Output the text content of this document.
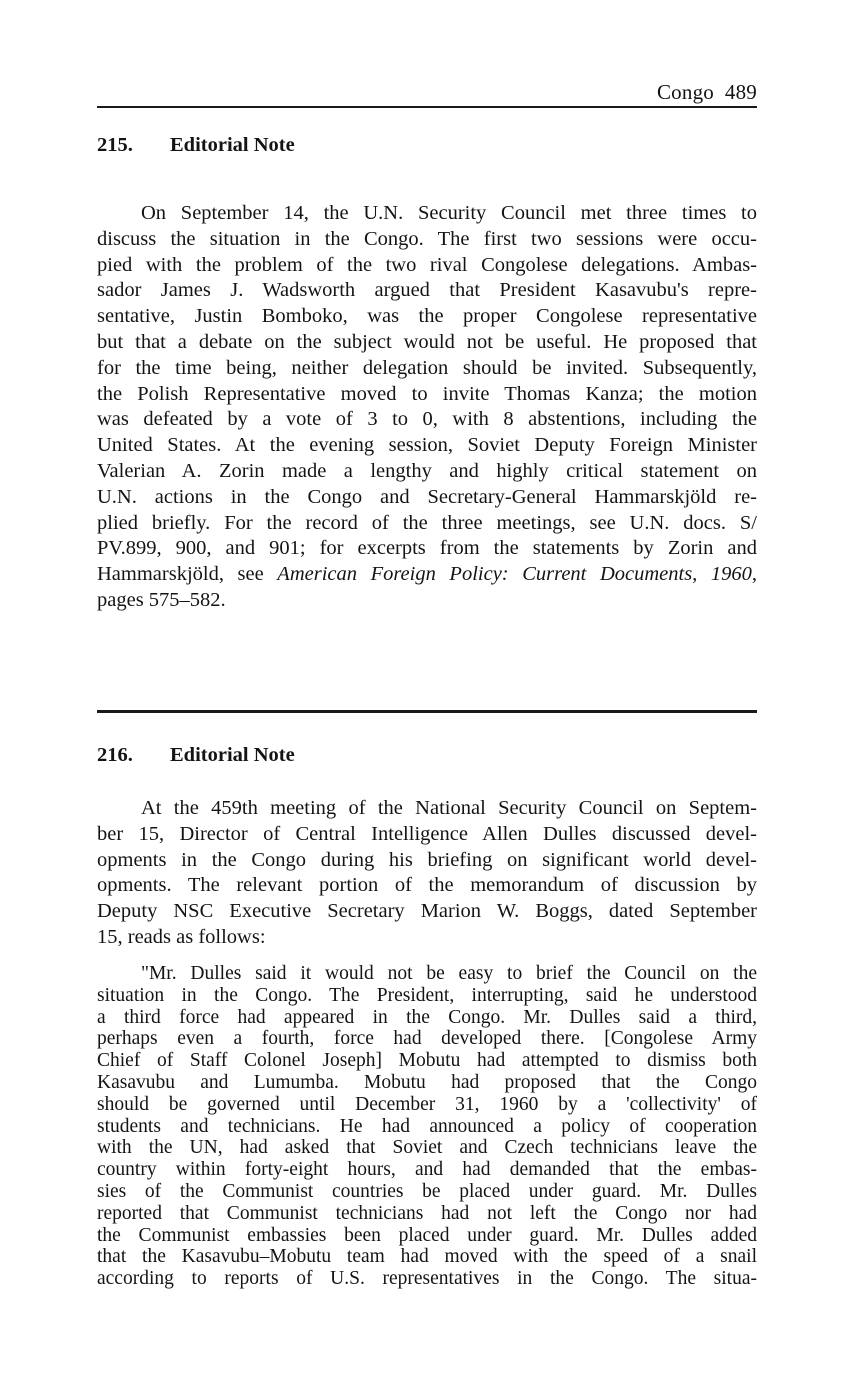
Congo 489
215. Editorial Note
On September 14, the U.N. Security Council met three times to
discuss the situation in the Congo. The first two sessions were occu-
pied with the problem of the two rival Congolese delegations. Ambas-
sador James J. Wadsworth argued that President Kasavubu's repre-
sentative, Justin Bomboko, was the proper Congolese representative
but that a debate on the subject would not be useful. He proposed that
for the time being, neither delegation should be invited. Subsequently,
the Polish Representative moved to invite Thomas Kanza; the motion
was defeated by a vote of 3 to 0, with 8 abstentions, including the
United States. At the evening session, Soviet Deputy Foreign Minister
Valerian A. Zorin made a lengthy and highly critical statement on
U.N. actions in the Congo and Secretary-General Hammarskjöld re-
plied briefly. For the record of the three meetings, see U.N. docs. S/
PV.899, 900, and 901; for excerpts from the statements by Zorin and
Hammarskjöld, see American Foreign Policy: Current Documents, 1960,
pages 575–582.
216. Editorial Note
At the 459th meeting of the National Security Council on Septem-
ber 15, Director of Central Intelligence Allen Dulles discussed devel-
opments in the Congo during his briefing on significant world devel-
opments. The relevant portion of the memorandum of discussion by
Deputy NSC Executive Secretary Marion W. Boggs, dated September
15, reads as follows:
"Mr. Dulles said it would not be easy to brief the Council on the
situation in the Congo. The President, interrupting, said he understood
a third force had appeared in the Congo. Mr. Dulles said a third,
perhaps even a fourth, force had developed there. [Congolese Army
Chief of Staff Colonel Joseph] Mobutu had attempted to dismiss both
Kasavubu and Lumumba. Mobutu had proposed that the Congo
should be governed until December 31, 1960 by a 'collectivity' of
students and technicians. He had announced a policy of cooperation
with the UN, had asked that Soviet and Czech technicians leave the
country within forty-eight hours, and had demanded that the embas-
sies of the Communist countries be placed under guard. Mr. Dulles
reported that Communist technicians had not left the Congo nor had
the Communist embassies been placed under guard. Mr. Dulles added
that the Kasavubu–Mobutu team had moved with the speed of a snail
according to reports of U.S. representatives in the Congo. The situa-
